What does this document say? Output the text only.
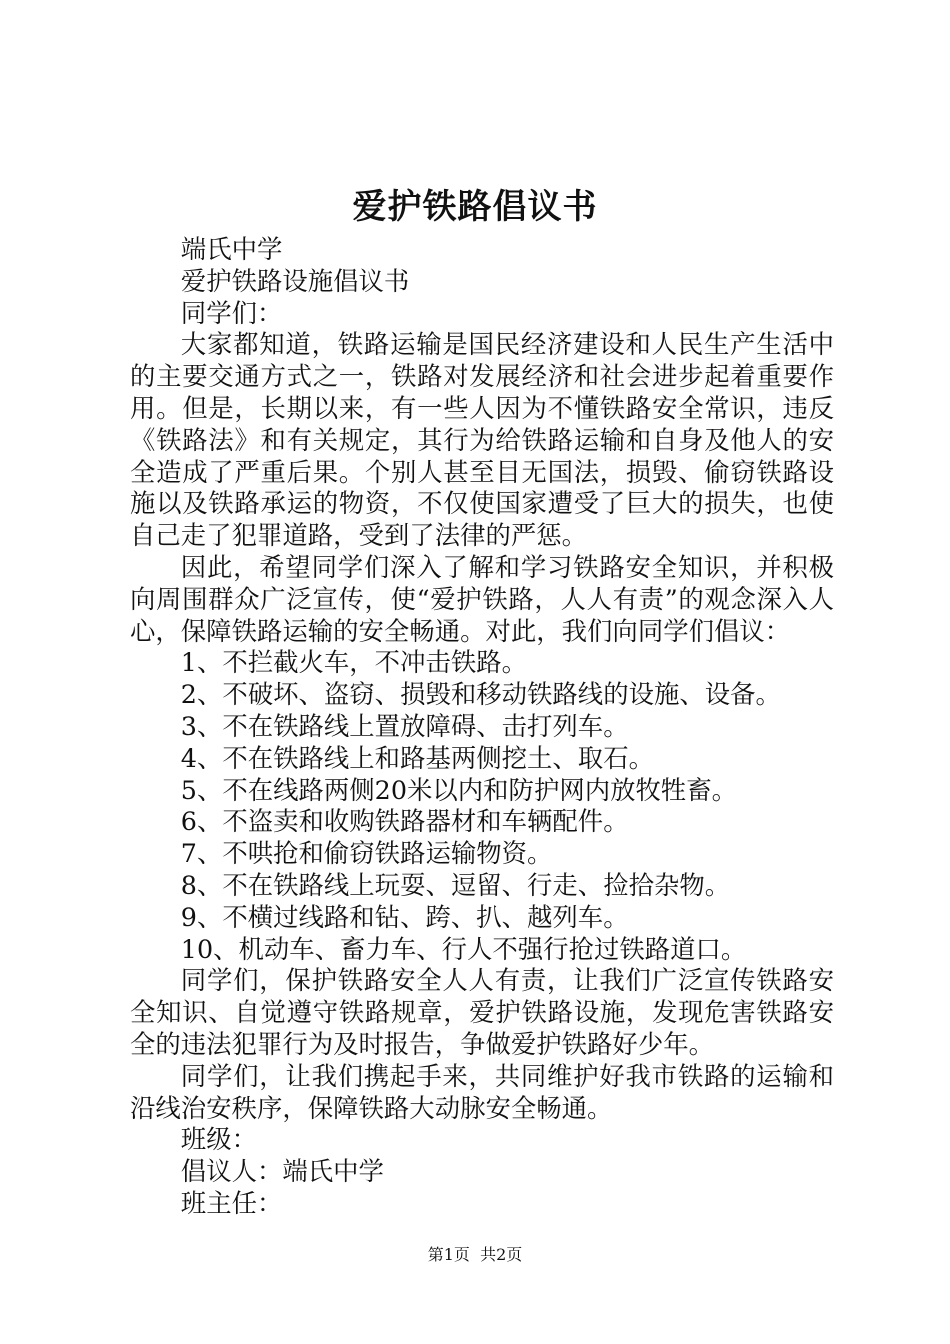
爱护铁路倡议书

端氏中学

爱护铁路设施倡议书

同学们：

大家都知道，铁路运输是国民经济建设和人民生产生活中的主要交通方式之一，铁路对发展经济和社会进步起着重要作用。但是，长期以来，有一些人因为不懂铁路安全常识，违反《铁路法》和有关规定，其行为给铁路运输和自身及他人的安全造成了严重后果。个别人甚至目无国法，损毁、偷窃铁路设施以及铁路承运的物资，不仅使国家遭受了巨大的损失，也使自己走了犯罪道路，受到了法律的严惩。

因此，希望同学们深入了解和学习铁路安全知识，并积极向周围群众广泛宣传，使“爱护铁路，人人有责”的观念深入人心，保障铁路运输的安全畅通。对此，我们向同学们倡议：

1、不拦截火车，不冲击铁路。

2、不破坏、盗窃、损毁和移动铁路线的设施、设备。

3、不在铁路线上置放障碍、击打列车。

4、不在铁路线上和路基两侧挖土、取石。

5、不在线路两侧20米以内和防护网内放牧牲畜。

6、不盗卖和收购铁路器材和车辆配件。

7、不哄抢和偷窃铁路运输物资。

8、不在铁路线上玩耍、逗留、行走、捡拾杂物。

9、不横过线路和钻、跨、扒、越列车。

10、机动车、畜力车、行人不强行抢过铁路道口。

同学们，保护铁路安全人人有责，让我们广泛宣传铁路安全知识、自觉遵守铁路规章，爱护铁路设施，发现危害铁路安全的违法犯罪行为及时报告，争做爱护铁路好少年。

同学们，让我们携起手来，共同维护好我市铁路的运输和沿线治安秩序，保障铁路大动脉安全畅通。

班级：

倡议人：端氏中学

班主任：

第1页  共2页
